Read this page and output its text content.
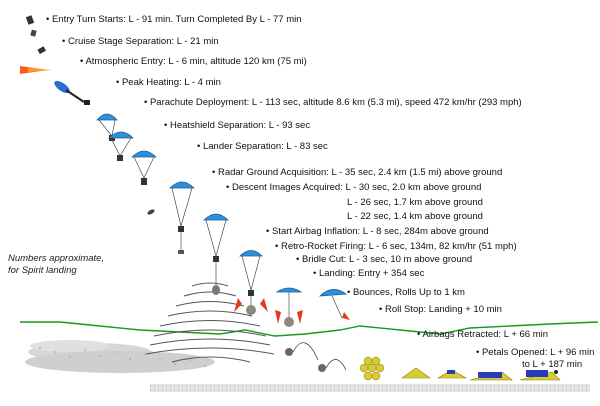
• Entry Turn Starts: L - 91 min. Turn Completed By L - 77 min
• Cruise Stage Separation: L - 21 min
• Atmospheric Entry: L - 6 min, altitude 120 km (75 mi)
• Peak Heating: L - 4 min
• Parachute Deployment: L - 113 sec, altitude 8.6 km (5.3 mi), speed 472 km/hr (293 mph)
• Heatshield Separation: L - 93 sec
• Lander Separation: L - 83 sec
• Radar Ground Acquisition: L - 35 sec, 2.4 km (1.5 mi) above ground
• Descent Images Acquired: L - 30 sec, 2.0 km above ground
L - 26 sec, 1.7 km above ground
L - 22 sec, 1.4 km above ground
• Start Airbag Inflation: L - 8 sec, 284m above ground
• Retro-Rocket Firing: L - 6 sec, 134m, 82 km/hr (51 mph)
• Bridle Cut: L - 3 sec, 10 m above ground
• Landing: Entry + 354 sec
• Bounces, Rolls Up to 1 km
• Roll Stop: Landing + 10 min
• Airbags Retracted: L + 66 min
• Petals Opened: L + 96 min
to L + 187 min
Numbers approximate,
for Spirit landing
